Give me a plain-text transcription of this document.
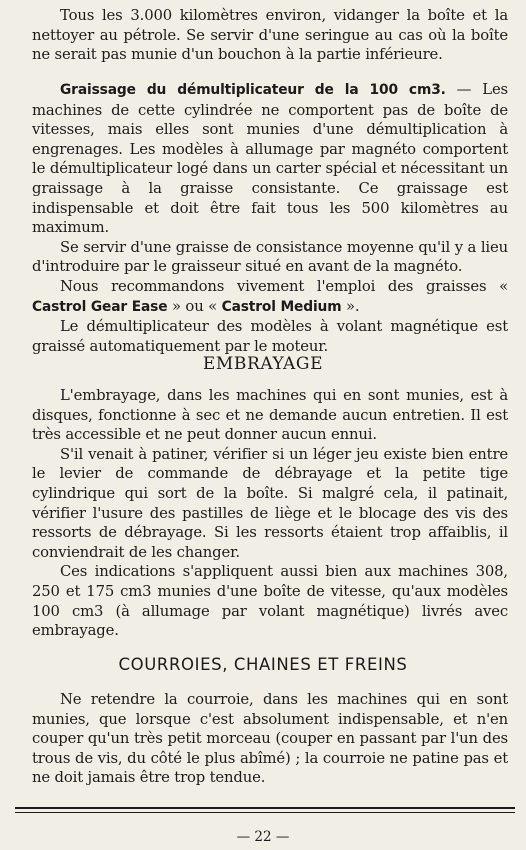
Tous les 3.000 kilomètres environ, vidanger la boîte et la nettoyer au pétrole. Se servir d'une seringue au cas où la boîte ne serait pas munie d'un bouchon à la partie inférieure.

Graissage du démultiplicateur de la 100 cm3. — Les machines de cette cylindrée ne comportent pas de boîte de vitesses, mais elles sont munies d'une démultiplication à engrenages. Les modèles à allumage par magnéto comportent le démultiplicateur logé dans un carter spécial et nécessitant un graissage à la graisse consistante. Ce graissage est indispensable et doit être fait tous les 500 kilomètres au maximum.

Se servir d'une graisse de consistance moyenne qu'il y a lieu d'introduire par le graisseur situé en avant de la magnéto.

Nous recommandons vivement l'emploi des graisses « Castrol Gear Ease » ou « Castrol Medium ».

Le démultiplicateur des modèles à volant magnétique est graissé automatiquement par le moteur.

EMBRAYAGE

L'embrayage, dans les machines qui en sont munies, est à disques, fonctionne à sec et ne demande aucun entretien. Il est très accessible et ne peut donner aucun ennui.

S'il venait à patiner, vérifier si un léger jeu existe bien entre le levier de commande de débrayage et la petite tige cylindrique qui sort de la boîte. Si malgré cela, il patinait, vérifier l'usure des pastilles de liège et le blocage des vis des ressorts de débrayage. Si les ressorts étaient trop affaiblis, il conviendrait de les changer.

Ces indications s'appliquent aussi bien aux machines 308, 250 et 175 cm3 munies d'une boîte de vitesse, qu'aux modèles 100 cm3 (à allumage par volant magnétique) livrés avec embrayage.

COURROIES, CHAINES ET FREINS

Ne retendre la courroie, dans les machines qui en sont munies, que lorsque c'est absolument indispensable, et n'en couper qu'un très petit morceau (couper en passant par l'un des trous de vis, du côté le plus abîmé) ; la courroie ne patine pas et ne doit jamais être trop tendue.

— 22 —
